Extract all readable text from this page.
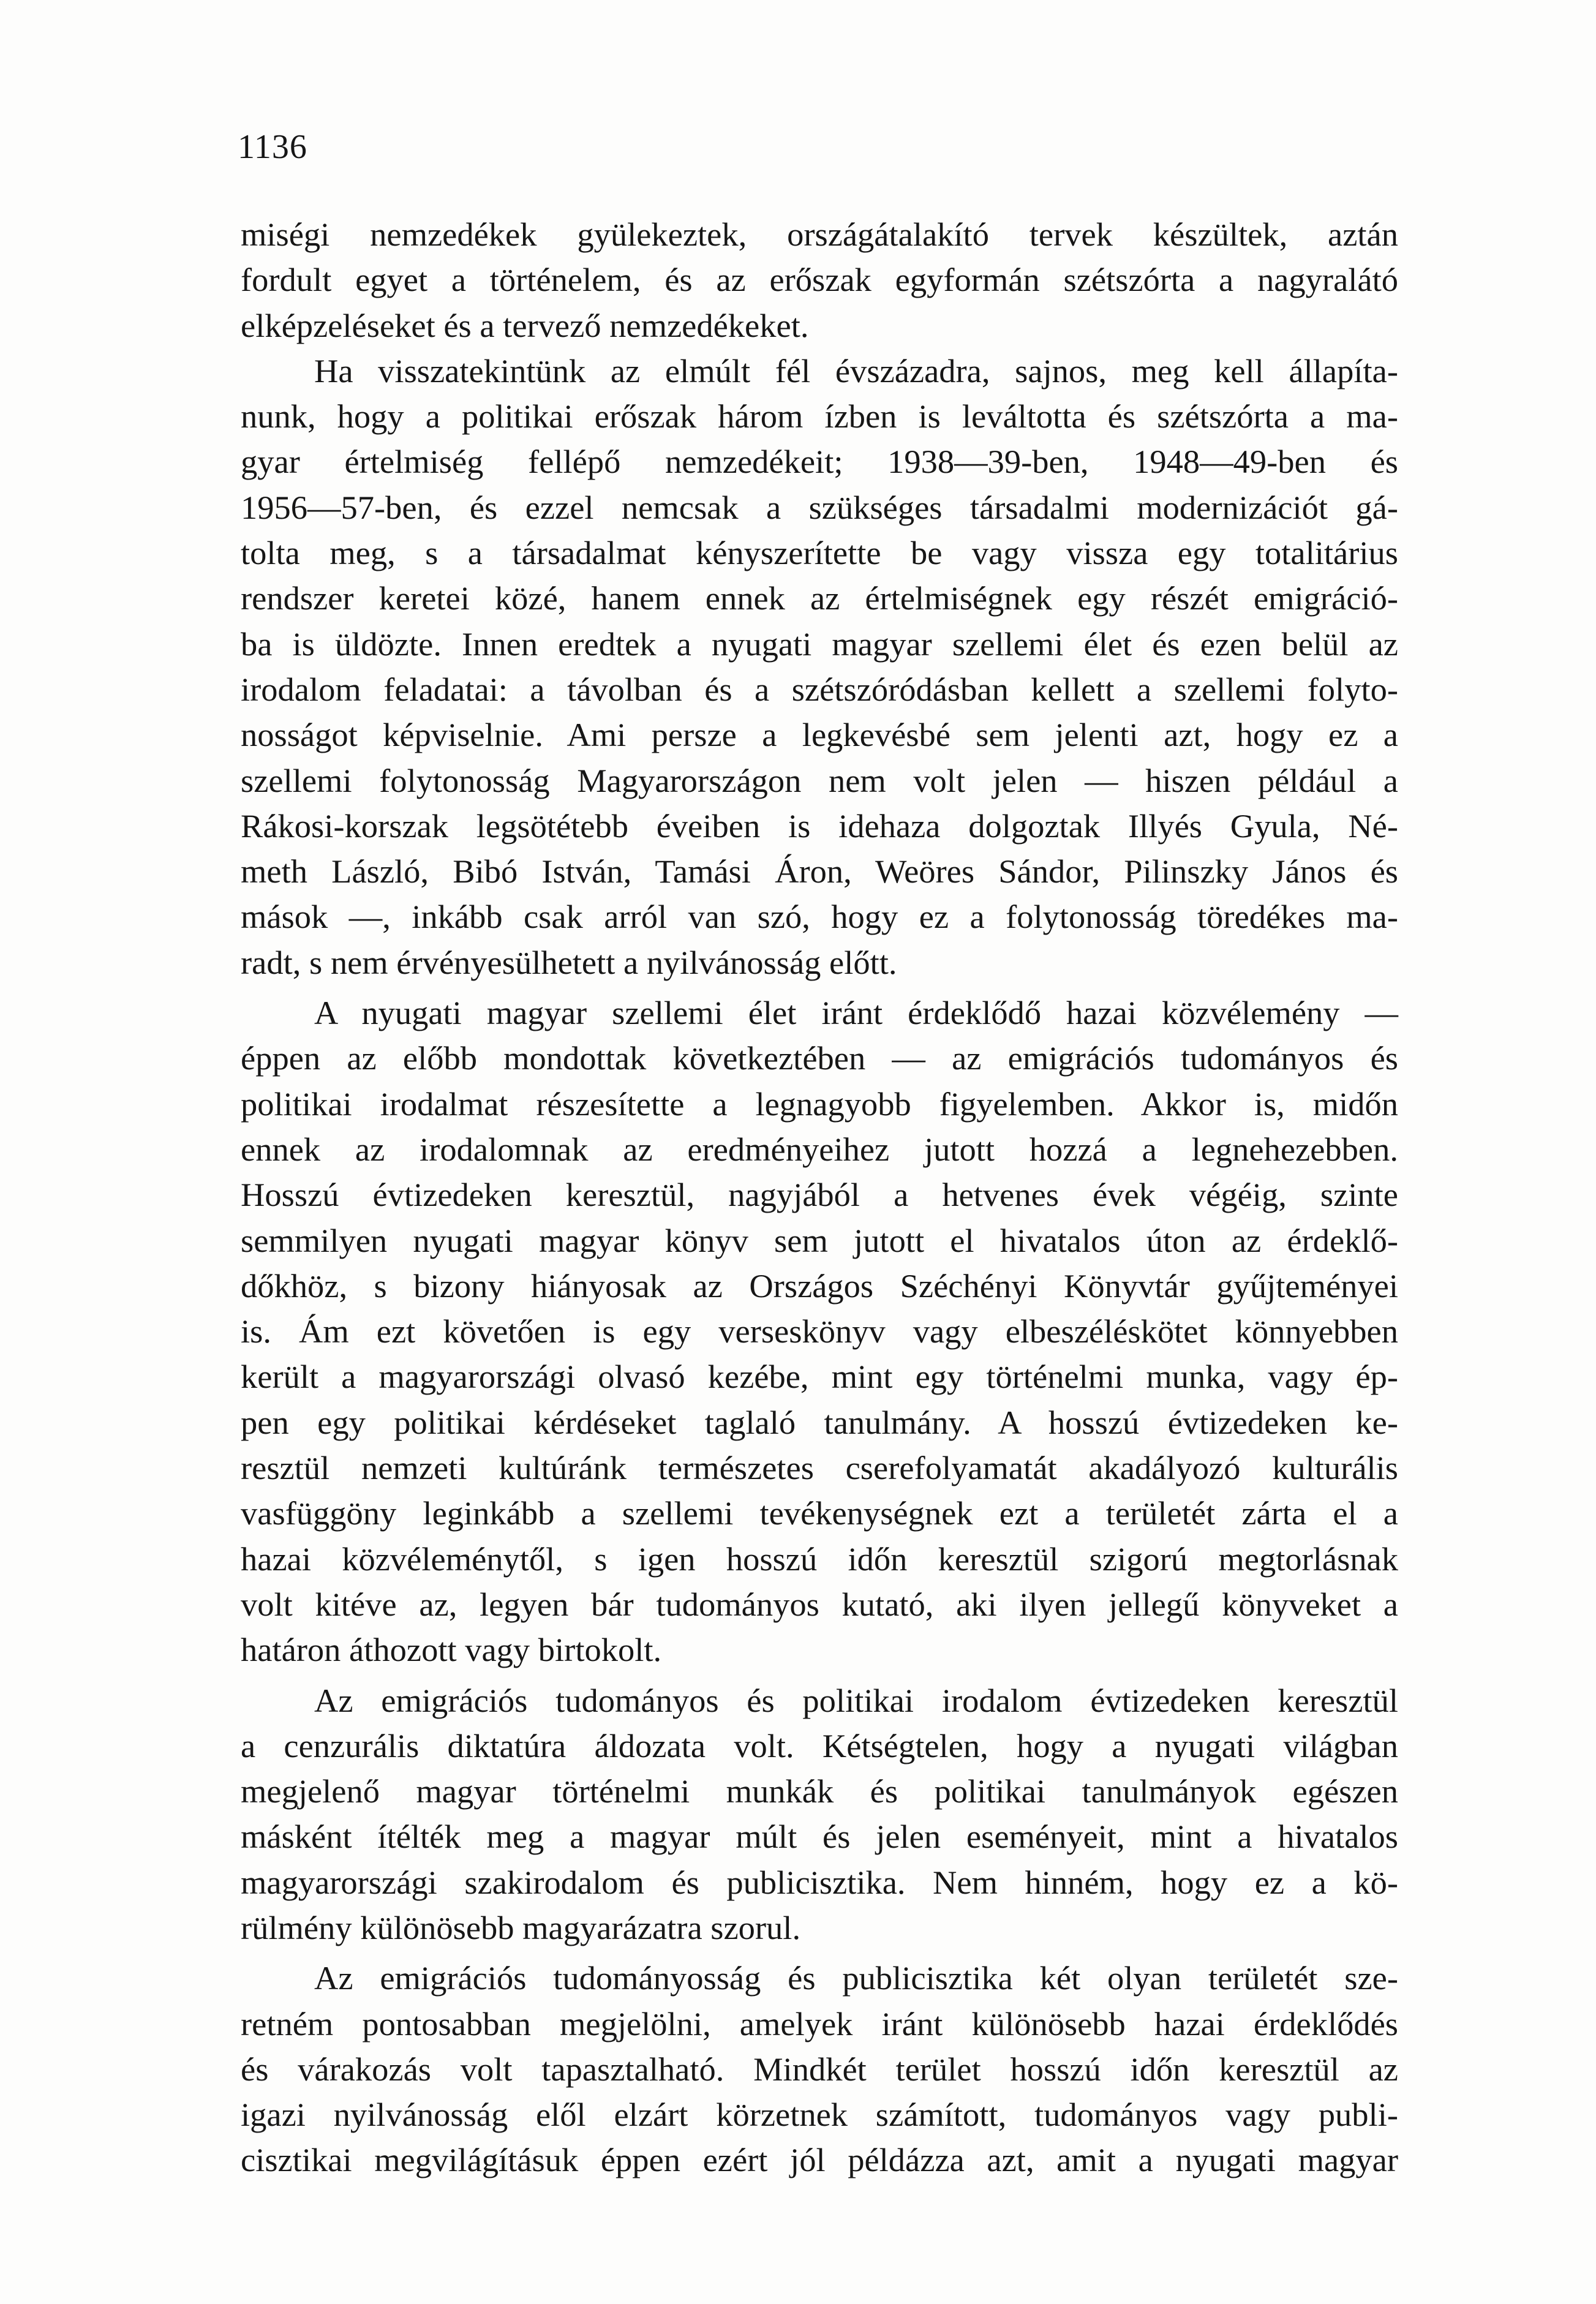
1136
miségi nemzedékek gyülekeztek, országátalakító tervek készültek, aztán
fordult egyet a történelem, és az erőszak egyformán szétszórta a nagyralátó
elképzeléseket és a tervező nemzedékeket.
Ha visszatekintünk az elmúlt fél évszázadra, sajnos, meg kell állapíta-
nunk, hogy a politikai erőszak három ízben is leváltotta és szétszórta a ma-
gyar értelmiség fellépő nemzedékeit; 1938—39-ben, 1948—49-ben és
1956—57-ben, és ezzel nemcsak a szükséges társadalmi modernizációt gá-
tolta meg, s a társadalmat kényszerítette be vagy vissza egy totalitárius
rendszer keretei közé, hanem ennek az értelmiségnek egy részét emigráció-
ba is üldözte. Innen eredtek a nyugati magyar szellemi élet és ezen belül az
irodalom feladatai: a távolban és a szétszóródásban kellett a szellemi folyto-
nosságot képviselnie. Ami persze a legkevésbé sem jelenti azt, hogy ez a
szellemi folytonosság Magyarországon nem volt jelen — hiszen például a
Rákosi-korszak legsötétebb éveiben is idehaza dolgoztak Illyés Gyula, Né-
meth László, Bibó István, Tamási Áron, Weöres Sándor, Pilinszky János és
mások —, inkább csak arról van szó, hogy ez a folytonosság töredékes ma-
radt, s nem érvényesülhetett a nyilvánosság előtt.
A nyugati magyar szellemi élet iránt érdeklődő hazai közvélemény —
éppen az előbb mondottak következtében — az emigrációs tudományos és
politikai irodalmat részesítette a legnagyobb figyelemben. Akkor is, midőn
ennek az irodalomnak az eredményeihez jutott hozzá a legnehezebben.
Hosszú évtizedeken keresztül, nagyjából a hetvenes évek végéig, szinte
semmilyen nyugati magyar könyv sem jutott el hivatalos úton az érdeklő-
dőkhöz, s bizony hiányosak az Országos Széchényi Könyvtár gyűjteményei
is. Ám ezt követően is egy verseskönyv vagy elbeszéléskötet könnyebben
került a magyarországi olvasó kezébe, mint egy történelmi munka, vagy ép-
pen egy politikai kérdéseket taglaló tanulmány. A hosszú évtizedeken ke-
resztül nemzeti kultúránk természetes cserefolyamatát akadályozó kulturális
vasfüggöny leginkább a szellemi tevékenységnek ezt a területét zárta el a
hazai közvéleménytől, s igen hosszú időn keresztül szigorú megtorlásnak
volt kitéve az, legyen bár tudományos kutató, aki ilyen jellegű könyveket a
határon áthozott vagy birtokolt.
Az emigrációs tudományos és politikai irodalom évtizedeken keresztül
a cenzurális diktatúra áldozata volt. Kétségtelen, hogy a nyugati világban
megjelenő magyar történelmi munkák és politikai tanulmányok egészen
másként ítélték meg a magyar múlt és jelen eseményeit, mint a hivatalos
magyarországi szakirodalom és publicisztika. Nem hinném, hogy ez a kö-
rülmény különösebb magyarázatra szorul.
Az emigrációs tudományosság és publicisztika két olyan területét sze-
retném pontosabban megjelölni, amelyek iránt különösebb hazai érdeklődés
és várakozás volt tapasztalható. Mindkét terület hosszú időn keresztül az
igazi nyilvánosság elől elzárt körzetnek számított, tudományos vagy publi-
cisztikai megvilágításuk éppen ezért jól példázza azt, amit a nyugati magyar
